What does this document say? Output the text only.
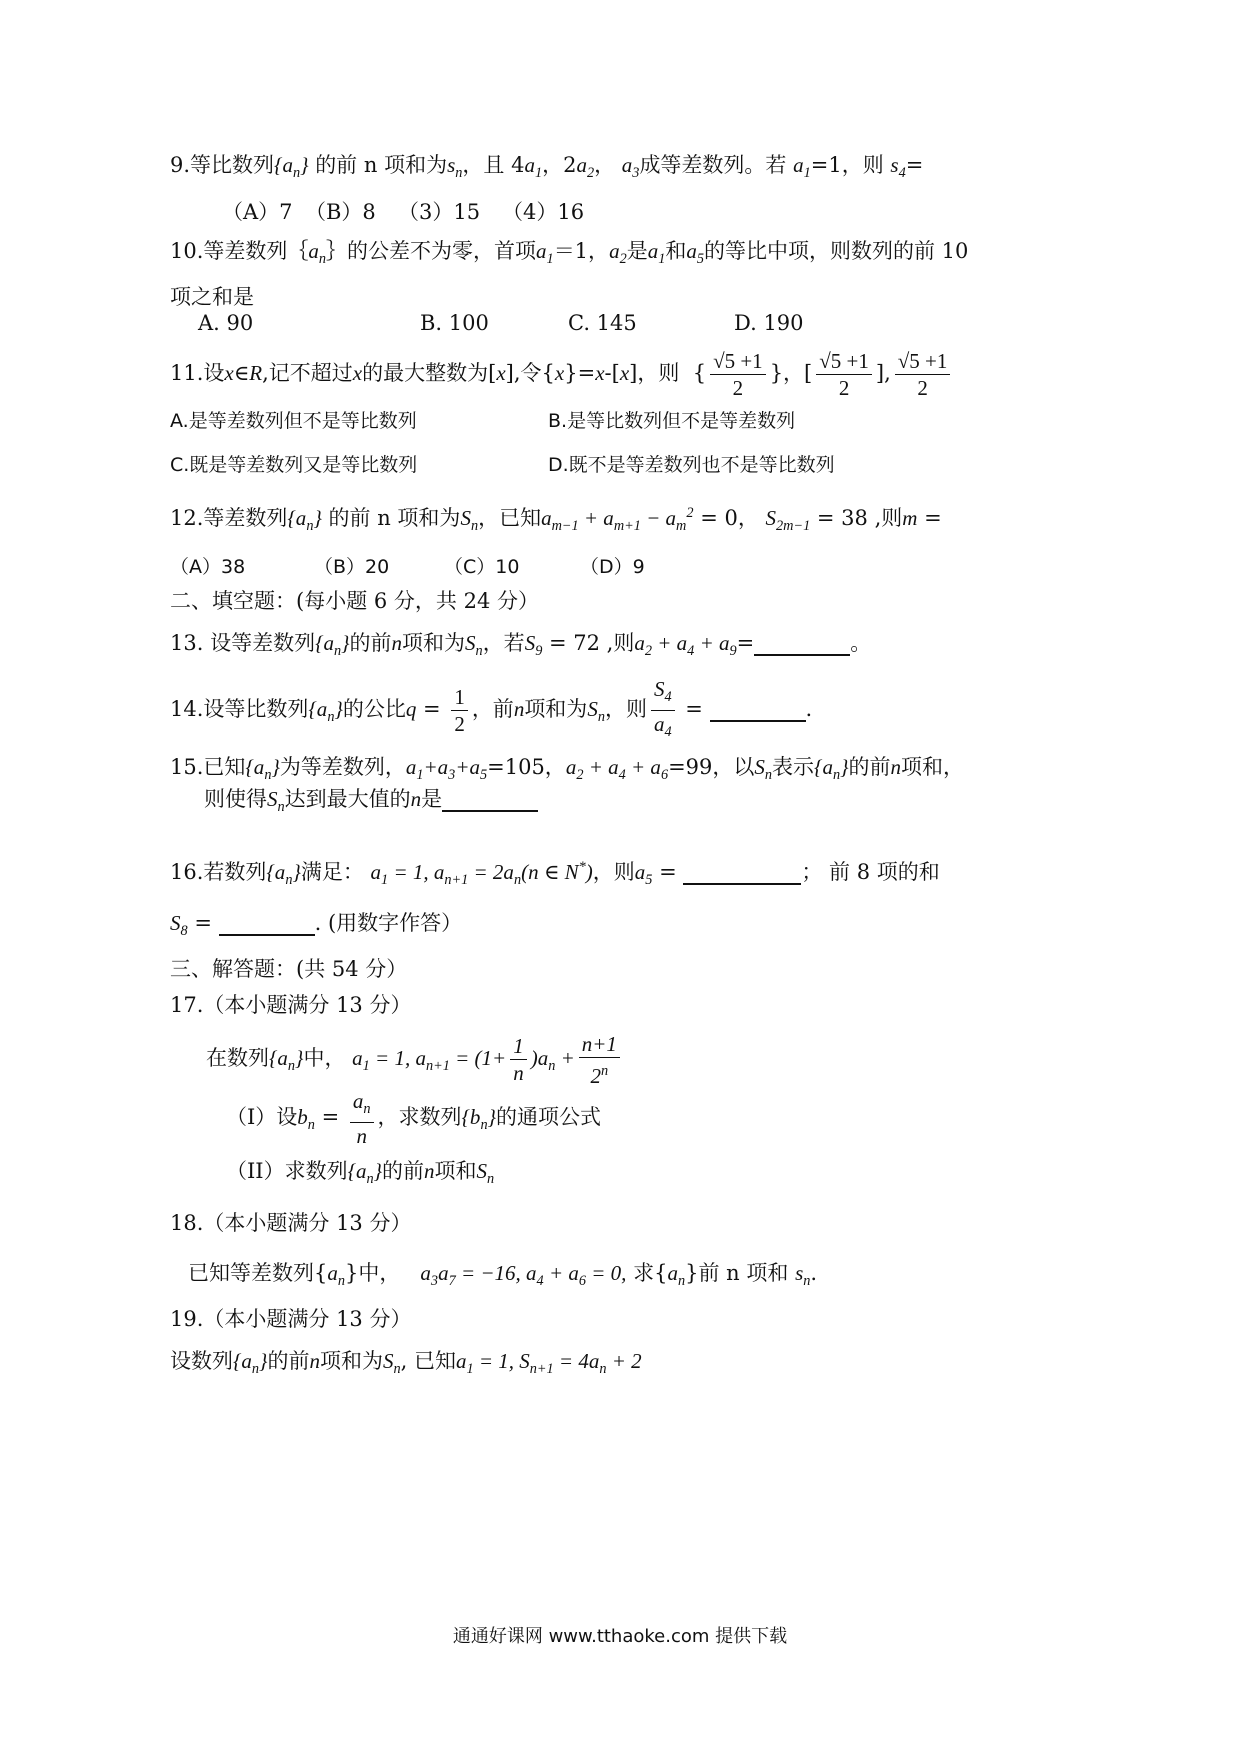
9.等比数列$\{a_n\}$ 的前 n 项和为$s_n$，且 $4a_1$，$2a_2$， $a_3$成等差数列。若 $a_1=1$，则 $s_4=$
（A）7 （B）8 （3）15 （4）16
10.等差数列$\{a_n\}$的公差不为零，首项$a_1=1$，$a_2$是$a_1$和$a_5$的等比中项，则数列的前 10
项之和是
A. 90	B. 100	C. 145	D. 190
11.设x∈R,记不超过x的最大整数为[x],令{x}=x-[x]，则  { $\frac{√5 +1}{2}$ }，[ $\frac{√5 +1}{2}$ ], $\frac{√5 +1}{2}$
A.是等差数列但不是等比数列	B.是等比数列但不是等差数列
C.既是等差数列又是等比数列	D.既不是等差数列也不是等比数列
12.等差数列$\{a_n\}$ 的前 n 项和为$S_n$，已知$a_{m-1} + a_{m+1} - a_m^2 = 0$， $S_{2m-1} = 38$ ,则m =
（A）38	（B）20	（C）10	（D）9
二、填空题：(每小题 6 分，共 24 分）
13. 设等差数列$\{a_n\}$的前n项和为$S_n$，若$S_9 = 72$ ,则$a_2 + a_4 + a_9=$	。
14.设等比数列$\{a_n\}$的公比$q = \frac{1}{2}$ ，前n项和为$S_n$，则 $\frac{S_4}{a_4}$ =	.
15.已知$\{a_n\}$为等差数列，$a_1+a_3+a_5=105$，$a_2 + a_4 + a_6=99$，以$S_n$表示$\{a_n\}$的前n项和，
则使得$S_n$达到最大值的n是
16.若数列$\{a_n\}$满足： $a_1 = 1$, $a_{n+1} = 2a_n(n$ ∈ N*)，则$a_5$ =	； 前 8 项的和
$S_8$ =	. (用数字作答）
三、解答题：(共 54 分）
17.（本小题满分 13 分）
在数列$\{a_n\}$中， $a_1 = 1$, $a_{n+1} = (1+ \frac{1}{n} )a_n + \frac{n+1}{2^n}$
（I）设$b_n = \frac{a_n}{n}$ ，求数列$\{b_n\}$的通项公式
（II）求数列$\{a_n\}$的前n项和$S_n$
18.（本小题满分 13 分）
已知等差数列$\{a_n\}$中， $a_3a_7 = -16$, $a_4 + a_6 = 0$, 求$\{a_n\}$前 n 项和 $s_n$.
19.（本小题满分 13 分）
设数列$\{a_n\}$的前n项和为$S_n$, 已知$a_1 = 1$, $S_{n+1} = 4a_n + 2$
通通好课网 www.tthaoke.com 提供下载
